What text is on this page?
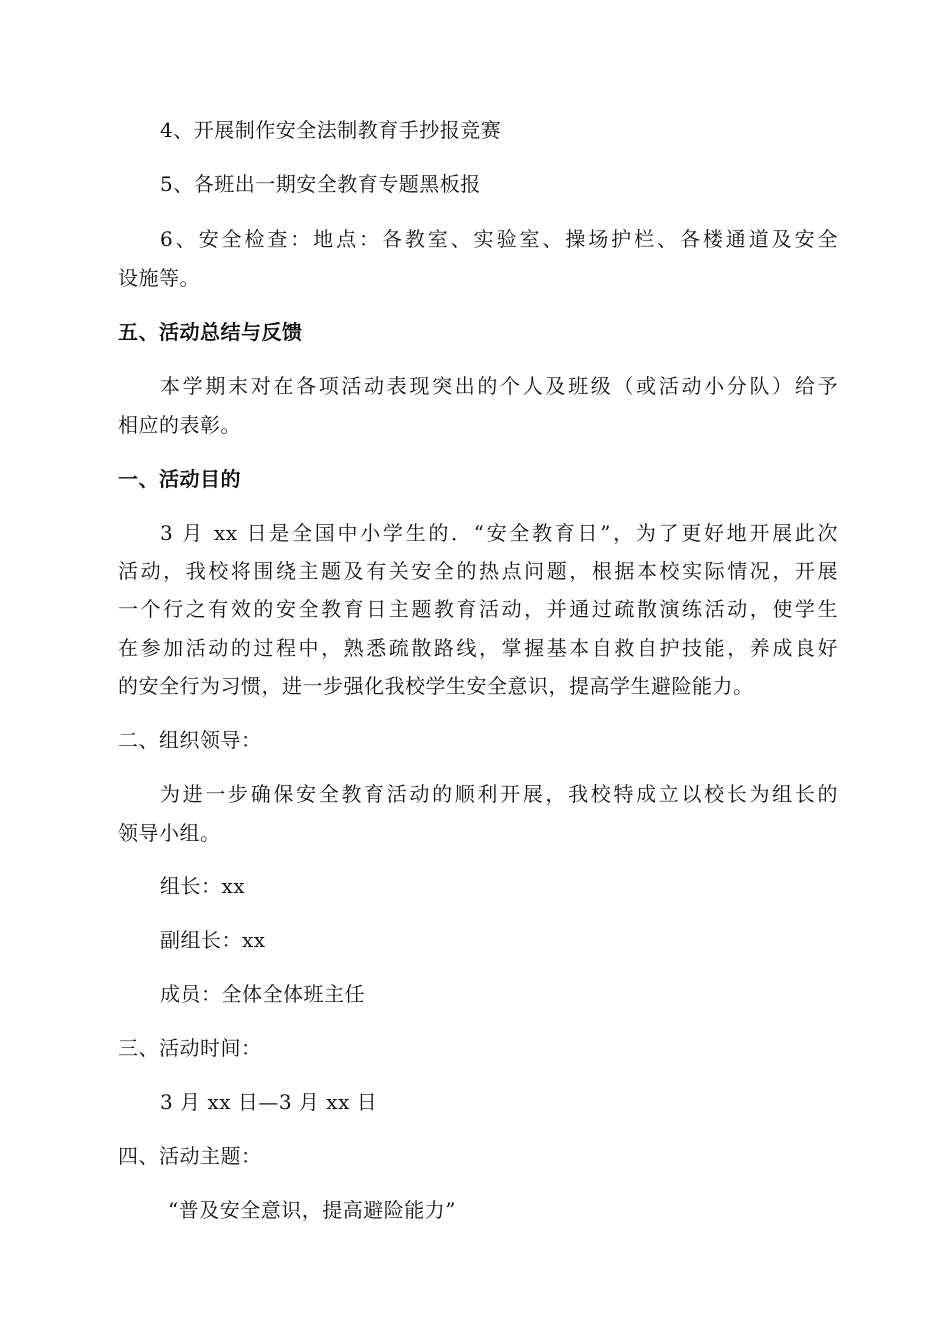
4、开展制作安全法制教育手抄报竞赛
5、各班出一期安全教育专题黑板报
6、安全检查：地点：各教室、实验室、操场护栏、各楼通道及安全
设施等。
五、活动总结与反馈
本学期末对在各项活动表现突出的个人及班级（或活动小分队）给予
相应的表彰。
一、活动目的
3 月 xx 日是全国中小学生的．“安全教育日”，为了更好地开展此次
活动，我校将围绕主题及有关安全的热点问题，根据本校实际情况，开展
一个行之有效的安全教育日主题教育活动，并通过疏散演练活动，使学生
在参加活动的过程中，熟悉疏散路线，掌握基本自救自护技能，养成良好
的安全行为习惯，进一步强化我校学生安全意识，提高学生避险能力。
二、组织领导：
为进一步确保安全教育活动的顺利开展，我校特成立以校长为组长的
领导小组。
组长：xx
副组长：xx
成员：全体全体班主任
三、活动时间：
3 月 xx 日—3 月 xx 日
四、活动主题：
“普及安全意识，提高避险能力”
